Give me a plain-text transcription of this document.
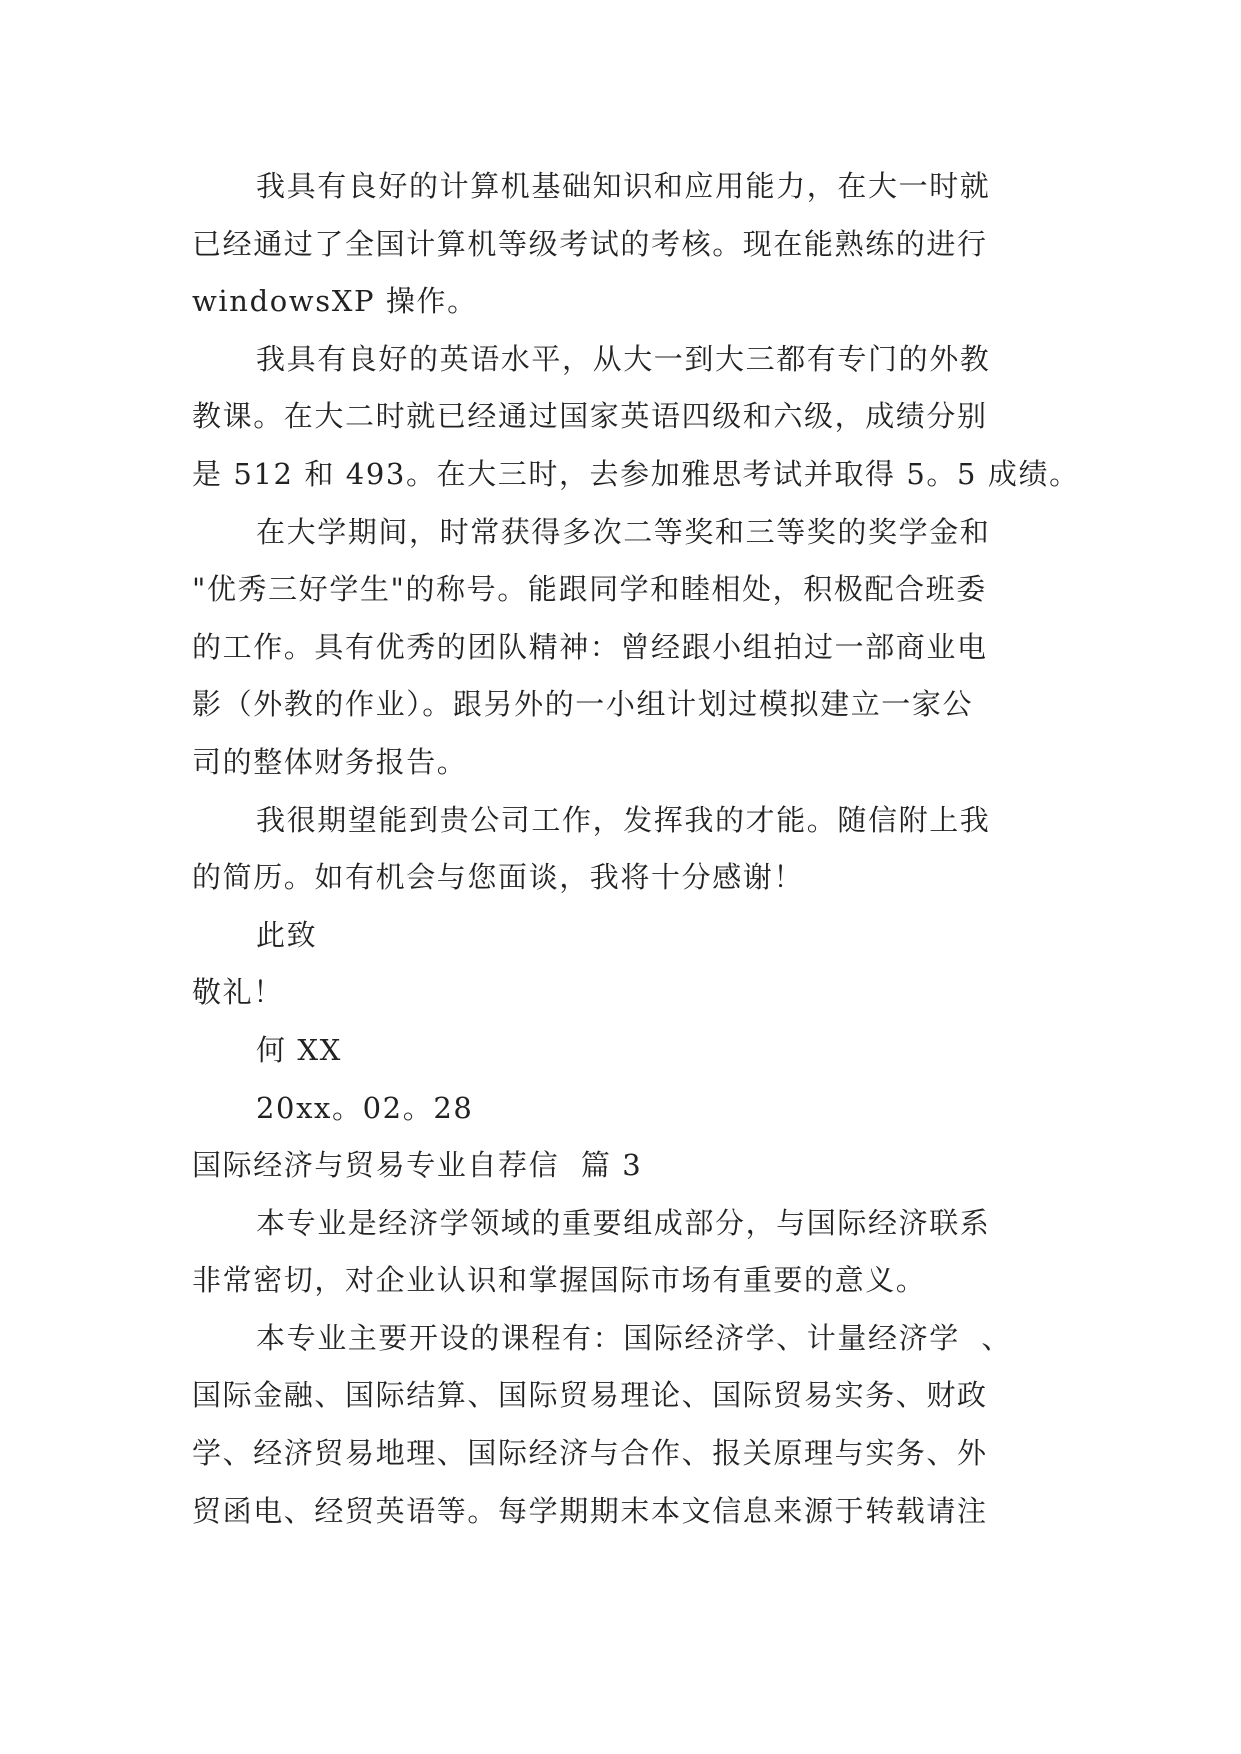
我具有良好的计算机基础知识和应用能力，在大一时就
已经通过了全国计算机等级考试的考核。现在能熟练的进行
windowsXP 操作。
我具有良好的英语水平，从大一到大三都有专门的外教
教课。在大二时就已经通过国家英语四级和六级，成绩分别
是 512 和 493。在大三时，去参加雅思考试并取得 5。5 成绩。
在大学期间，时常获得多次二等奖和三等奖的奖学金和
"优秀三好学生"的称号。能跟同学和睦相处，积极配合班委
的工作。具有优秀的团队精神：曾经跟小组拍过一部商业电
影（外教的作业）。跟另外的一小组计划过模拟建立一家公
司的整体财务报告。
我很期望能到贵公司工作，发挥我的才能。随信附上我
的简历。如有机会与您面谈，我将十分感谢！
此致
敬礼！
何 XX
20xx。02。28
国际经济与贸易专业自荐信  篇 3
本专业是经济学领域的重要组成部分，与国际经济联系
非常密切，对企业认识和掌握国际市场有重要的意义。
本专业主要开设的课程有：国际经济学、计量经济学  、
国际金融、国际结算、国际贸易理论、国际贸易实务、财政
学、经济贸易地理、国际经济与合作、报关原理与实务、外
贸函电、经贸英语等。每学期期末本文信息来源于转载请注
